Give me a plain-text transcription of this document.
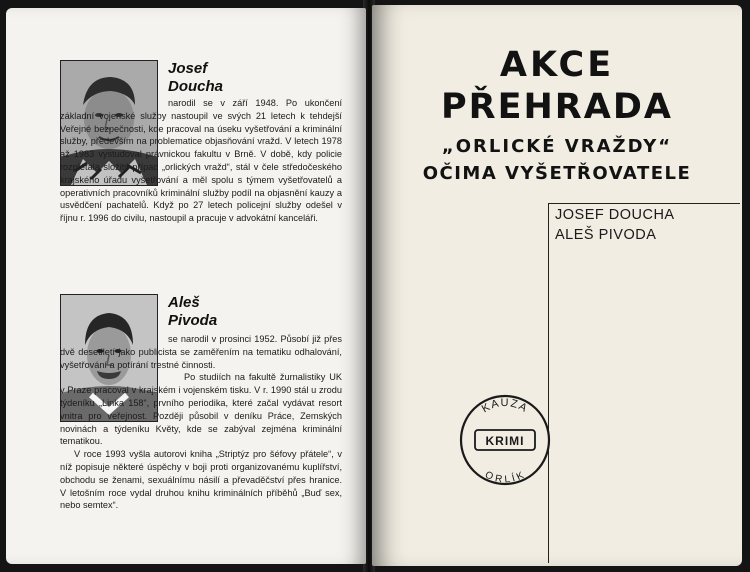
Josef
Doucha

narodil se v září 1948. Po ukončení základní vojenské služby nastoupil ve svých 21 letech k tehdejší Veřejné bezpečnosti, kde pracoval na úseku vyšetřování a kriminální služby, především na problematice objasňování vražd. V letech 1978 až 1983 vystudoval právnickou fakultu v Brně. V době, kdy policie rozplétala složitý případ „orlických vražd“, stál v čele středočeského krajského úřadu vyšetřování a měl spolu s týmem vyšetřovatelů a operativních pracovníků kriminální služby podíl na objasnění kauzy a usvědčení pachatelů. Když po 27 letech policejní služby odešel v říjnu r. 1996 do civilu, nastoupil a pracuje v advokátní kanceláři.

Aleš
Pivoda

se narodil v prosinci 1952. Působí již přes dvě desetiletí jako publicista se zaměřením na tematiku odhalování, vyšetřování a potírání trestné činnosti.

Po studiích na fakultě žurnalistiky UK v Praze pracoval v krajském i vojenském tisku. V r. 1990 stál u zrodu týdeníku „Linka 158“, prvního periodika, které začal vydávat resort vnitra pro veřejnost. Později působil v deníku Práce, Zemských novinách a týdeníku Květy, kde se zabýval zejména kriminální tematikou.

V roce 1993 vyšla autorovi kniha „Striptýz pro šéfovy přátele“, v níž popisuje některé úspěchy v boji proti organizovanému kuplířství, obchodu se ženami, sexuálnímu násilí a převaděčství přes hranice. V letošním roce vydal druhou knihu kriminálních příběhů „Buď sex, nebo semtex“.

AKCE
PŘEHRADA
„ORLICKÉ VRAŽDY“
OČIMA VYŠETŘOVATELE
JOSEF DOUCHA
ALEŠ PIVODA
KAUZA
KRIMI
ORLÍK
